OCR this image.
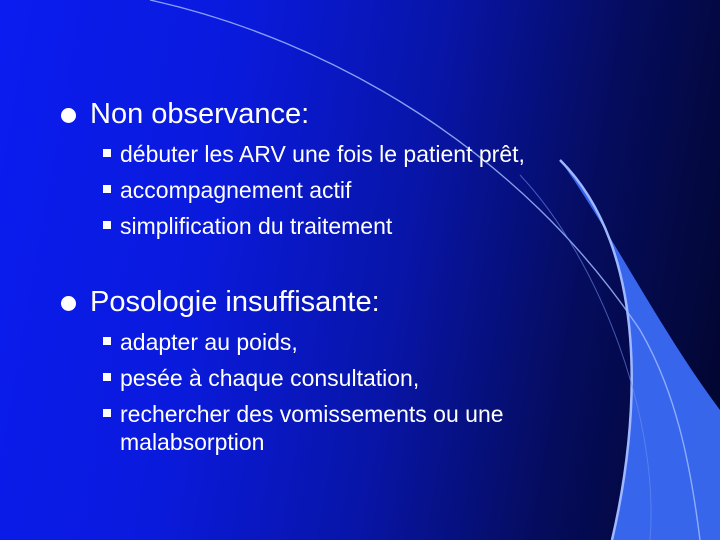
Non observance:
débuter les ARV une fois le patient prêt,
accompagnement actif
simplification du traitement
Posologie insuffisante:
adapter au poids,
pesée à chaque consultation,
rechercher des vomissements ou une malabsorption
